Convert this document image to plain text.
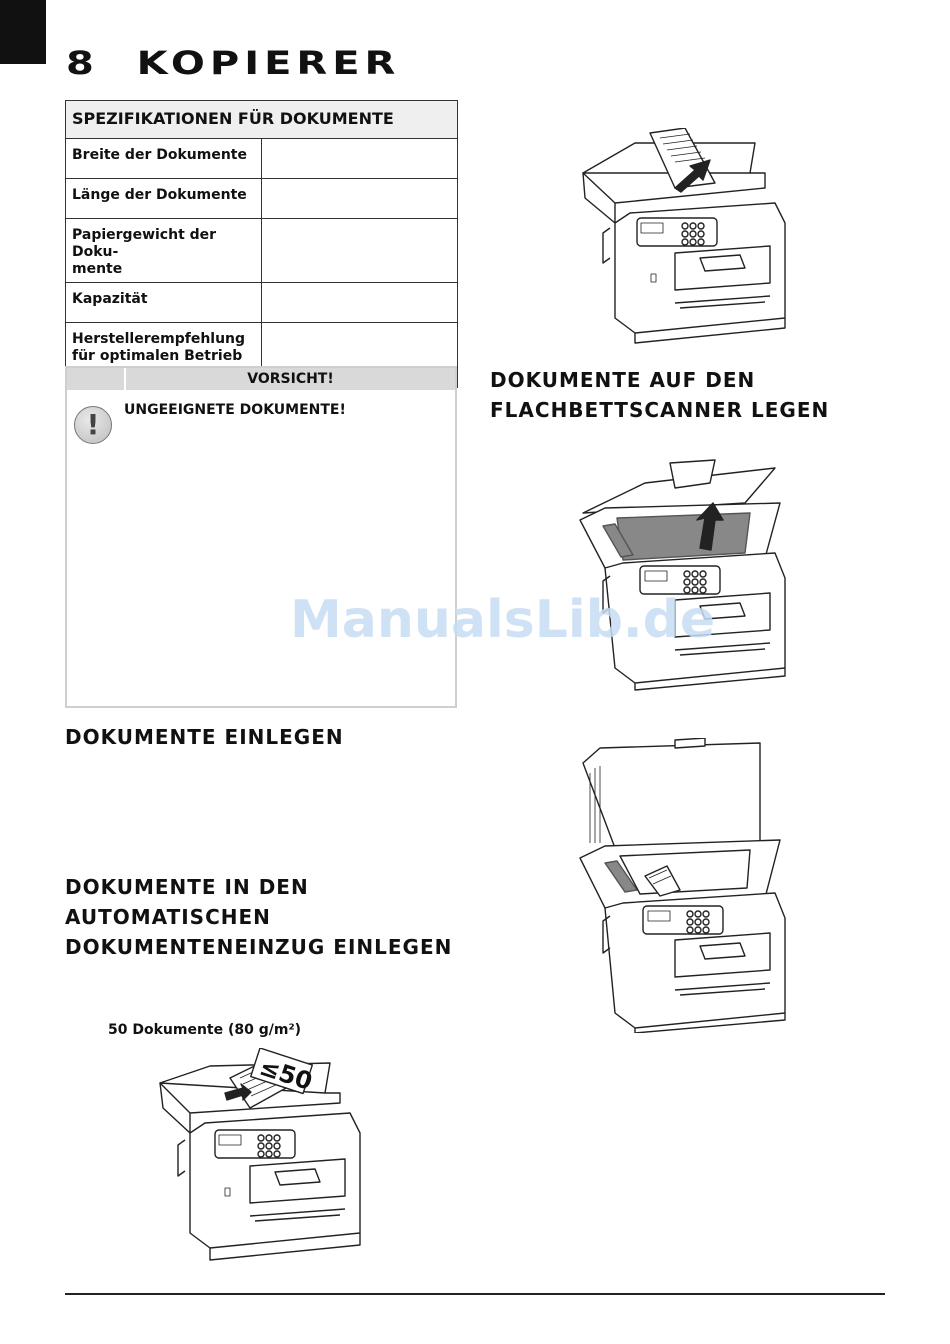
8 KOPIERER
SPEZIFIKATIONEN FÜR DOKUMENTE	
Breite der Dokumente	
Länge der Dokumente	
Papiergewicht der Doku-
mente	
Kapazität	
Herstellerempfehlung
für optimalen Betrieb	
VORSICHT!
!	UNGEEIGNETE DOKUMENTE!
DOKUMENTE EINLEGEN
DOKUMENTE IN DEN AUTOMATISCHEN DOKUMENTENEINZUG EINLEGEN
DOKUMENTE AUF DEN FLACHBETTSCANNER LEGEN
50 Dokumente (80 g/m²)
≤50
ManualsLib.de
